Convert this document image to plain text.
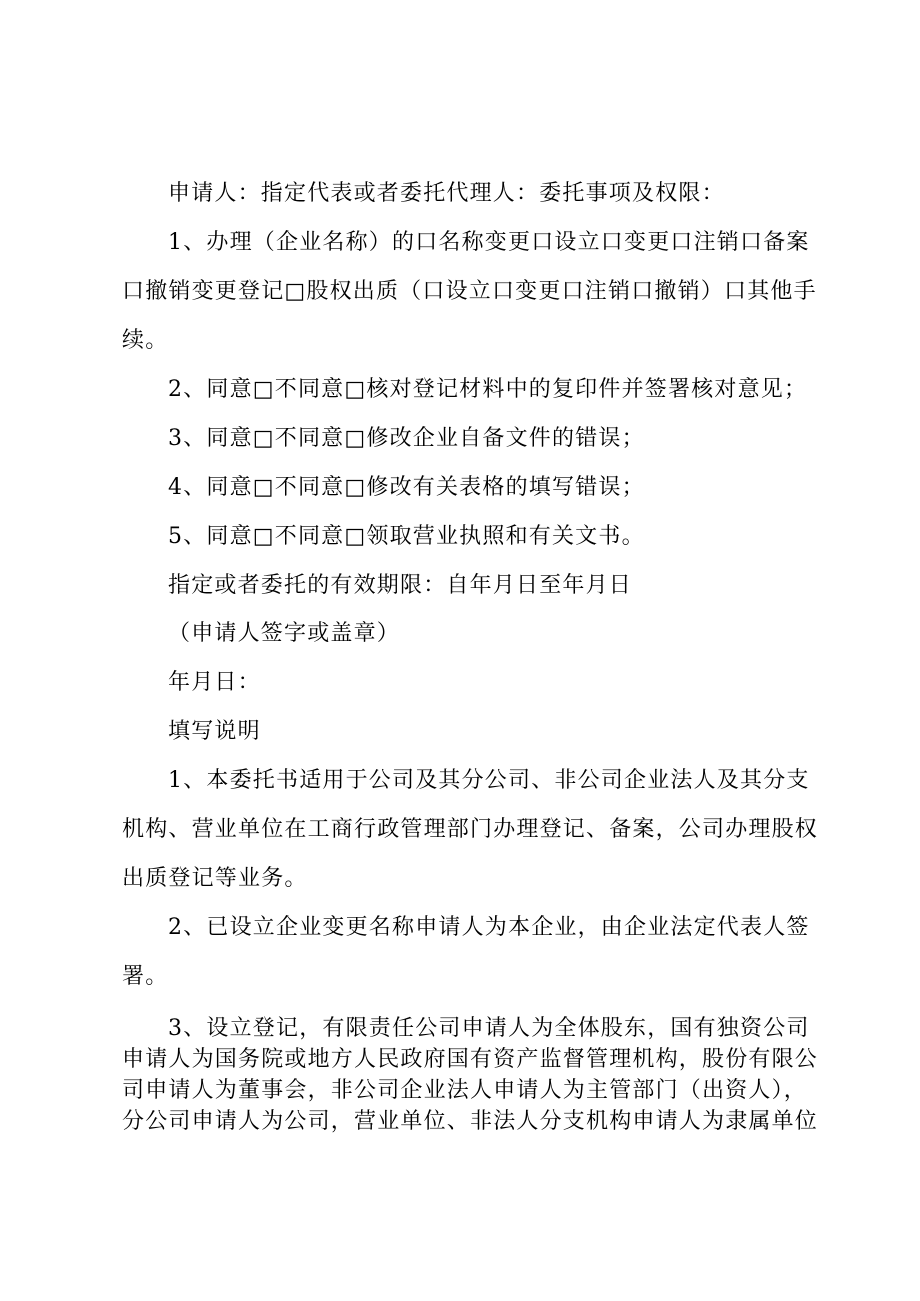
申请人：指定代表或者委托代理人：委托事项及权限：

1、办理（企业名称）的口名称变更口设立口变更口注销口备案口撤销变更登记□股权出质（口设立口变更口注销口撤销）口其他手续。

2、同意□不同意□核对登记材料中的复印件并签署核对意见；

3、同意□不同意□修改企业自备文件的错误；

4、同意□不同意□修改有关表格的填写错误；

5、同意□不同意□领取营业执照和有关文书。

指定或者委托的有效期限：自年月日至年月日

（申请人签字或盖章）

年月日：

填写说明

1、本委托书适用于公司及其分公司、非公司企业法人及其分支机构、营业单位在工商行政管理部门办理登记、备案，公司办理股权出质登记等业务。

2、已设立企业变更名称申请人为本企业，由企业法定代表人签署。

3、设立登记，有限责任公司申请人为全体股东，国有独资公司申请人为国务院或地方人民政府国有资产监督管理机构，股份有限公司申请人为董事会，非公司企业法人申请人为主管部门（出资人），分公司申请人为公司，营业单位、非法人分支机构申请人为隶属单位
